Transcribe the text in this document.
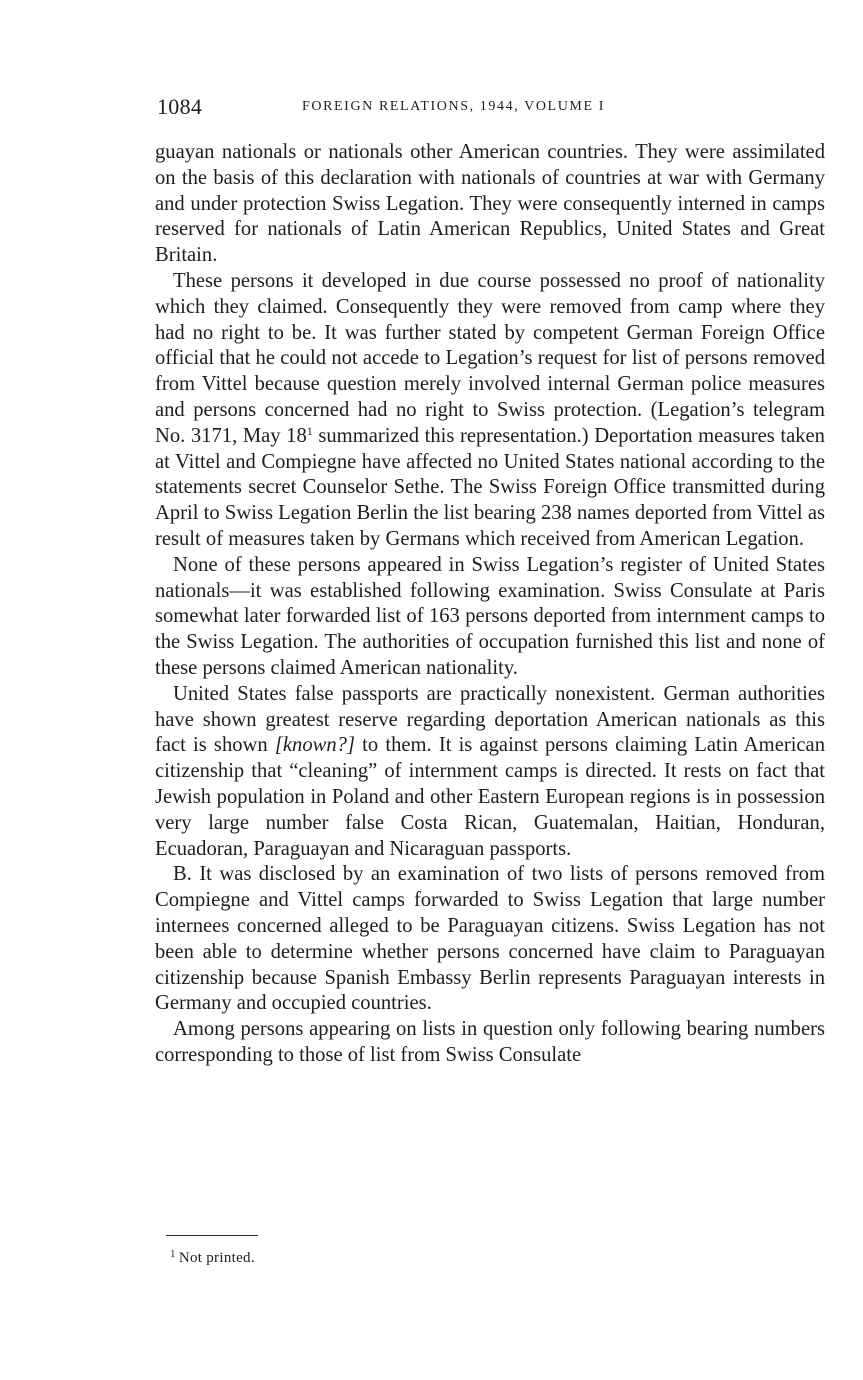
1084	FOREIGN RELATIONS, 1944, VOLUME I

guayan nationals or nationals other American countries. They were assimilated on the basis of this declaration with nationals of countries at war with Germany and under protection Swiss Legation. They were consequently interned in camps reserved for nationals of Latin American Republics, United States and Great Britain.

These persons it developed in due course possessed no proof of nationality which they claimed. Consequently they were removed from camp where they had no right to be. It was further stated by competent German Foreign Office official that he could not accede to Legation’s request for list of persons removed from Vittel because question merely involved internal German police measures and persons concerned had no right to Swiss protection. (Legation’s telegram No. 3171, May 18$^1$ summarized this representation.) Deportation measures taken at Vittel and Compiegne have affected no United States national according to the statements secret Counselor Sethe. The Swiss Foreign Office transmitted during April to Swiss Legation Berlin the list bearing 238 names deported from Vittel as result of measures taken by Germans which received from American Legation.

None of these persons appeared in Swiss Legation’s register of United States nationals—it was established following examination. Swiss Consulate at Paris somewhat later forwarded list of 163 persons deported from internment camps to the Swiss Legation. The authorities of occupation furnished this list and none of these persons claimed American nationality.

United States false passports are practically nonexistent. German authorities have shown greatest reserve regarding deportation American nationals as this fact is shown [known?] to them. It is against persons claiming Latin American citizenship that “cleaning” of internment camps is directed. It rests on fact that Jewish population in Poland and other Eastern European regions is in possession very large number false Costa Rican, Guatemalan, Haitian, Honduran, Ecuadoran, Paraguayan and Nicaraguan passports.

B. It was disclosed by an examination of two lists of persons removed from Compiegne and Vittel camps forwarded to Swiss Legation that large number internees concerned alleged to be Paraguayan citizens. Swiss Legation has not been able to determine whether persons concerned have claim to Paraguayan citizenship because Spanish Embassy Berlin represents Paraguayan interests in Germany and occupied countries.

Among persons appearing on lists in question only following bearing numbers corresponding to those of list from Swiss Consulate

$^1$ Not printed.
